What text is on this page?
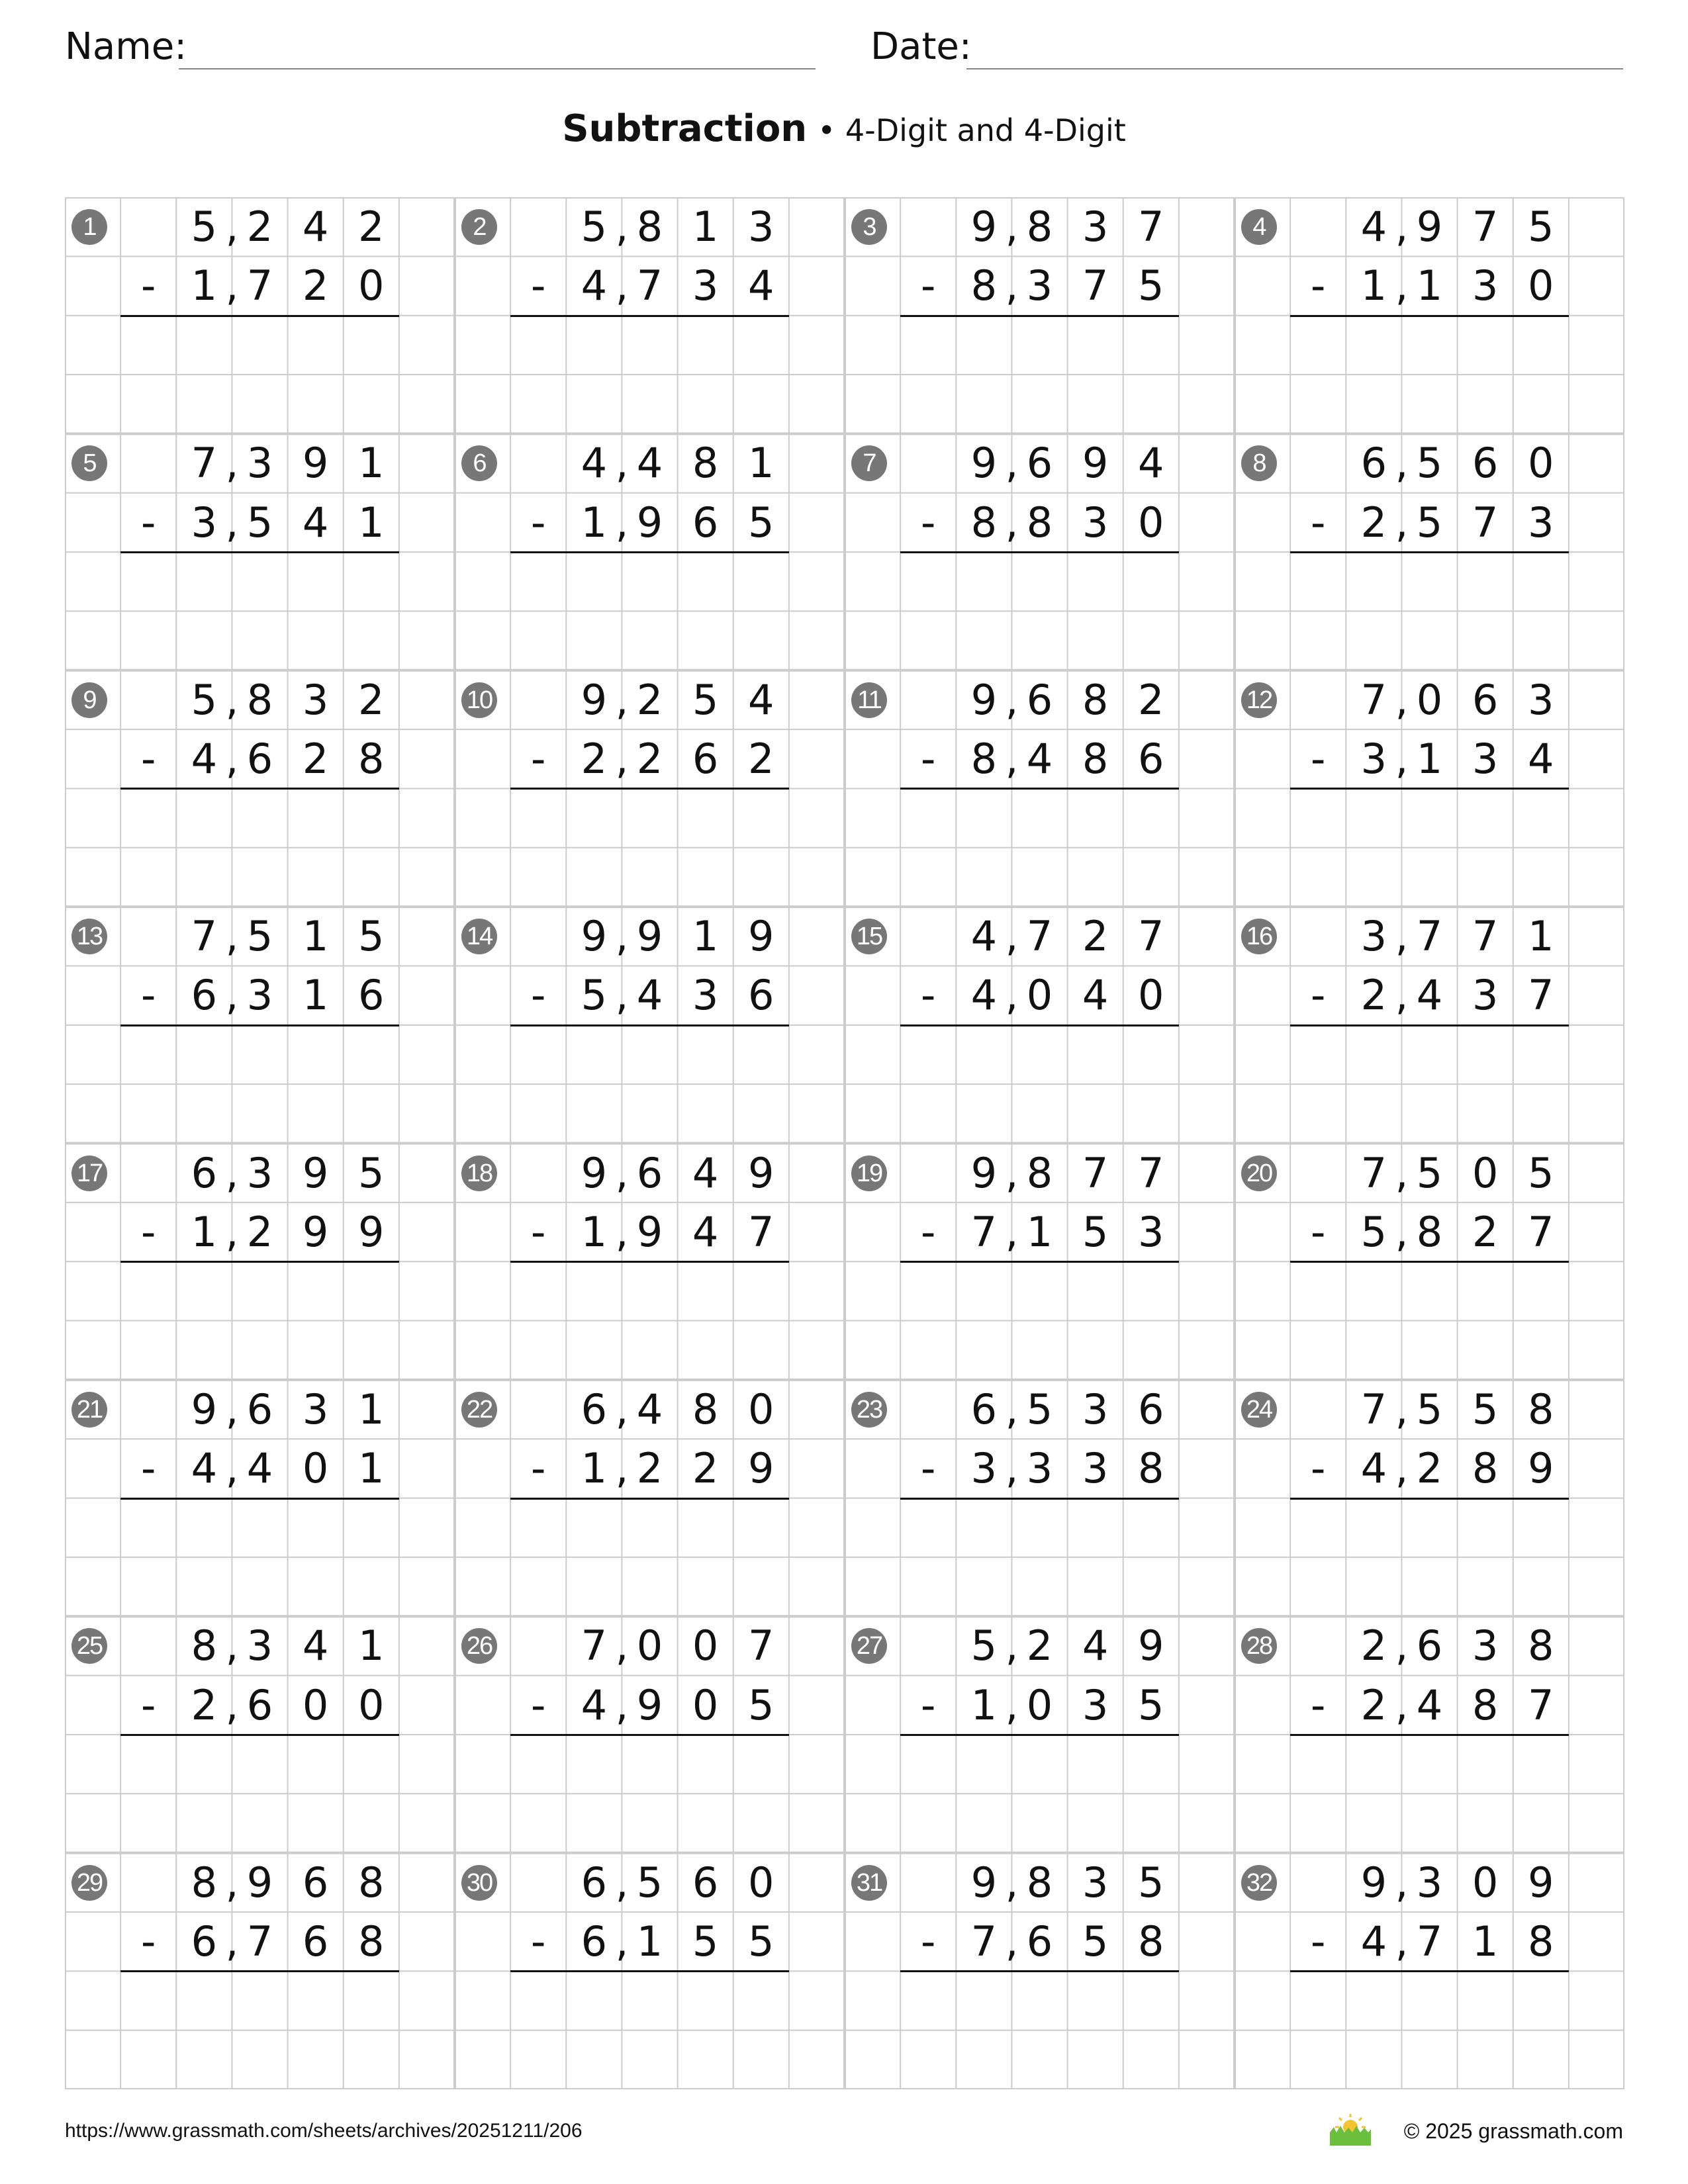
Name:	Date:
Subtraction • 4-Digit and 4-Digit
1	5 2 4 2
,
1 7 2 0
,
-
2	5 8 1 3
,
4 7 3 4
,
-
3	9 8 3 7
,
8 3 7 5
,
-
4	4 9 7 5
,
1 1 3 0
,
-
5	7 3 9 1
,
3 5 4 1
,
-
6	4 4 8 1
,
1 9 6 5
,
-
7	9 6 9 4
,
8 8 3 0
,
-
8	6 5 6 0
,
2 5 7 3
,
-
9	5 8 3 2
,
4 6 2 8
,
-
10	9 2 5 4
,
2 2 6 2
,
-
11	9 6 8 2
,
8 4 8 6
,
-
12	7 0 6 3
,
3 1 3 4
,
-
13	7 5 1 5
,
6 3 1 6
,
-
14	9 9 1 9
,
5 4 3 6
,
-
15	4 7 2 7
,
4 0 4 0
,
-
16	3 7 7 1
,
2 4 3 7
,
-
17	6 3 9 5
,
1 2 9 9
,
-
18	9 6 4 9
,
1 9 4 7
,
-
19	9 8 7 7
,
7 1 5 3
,
-
20	7 5 0 5
,
5 8 2 7
,
-
21	9 6 3 1
,
4 4 0 1
,
-
22	6 4 8 0
,
1 2 2 9
,
-
23	6 5 3 6
,
3 3 3 8
,
-
24	7 5 5 8
,
4 2 8 9
,
-
25	8 3 4 1
,
2 6 0 0
,
-
26	7 0 0 7
,
4 9 0 5
,
-
27	5 2 4 9
,
1 0 3 5
,
-
28	2 6 3 8
,
2 4 8 7
,
-
29	8 9 6 8
,
6 7 6 8
,
-
30	6 5 6 0
,
6 1 5 5
,
-
31	9 8 3 5
,
7 6 5 8
,
-
32	9 3 0 9
,
4 7 1 8
,
-
https://www.grassmath.com/sheets/archives/20251211/206	© 2025 grassmath.com
